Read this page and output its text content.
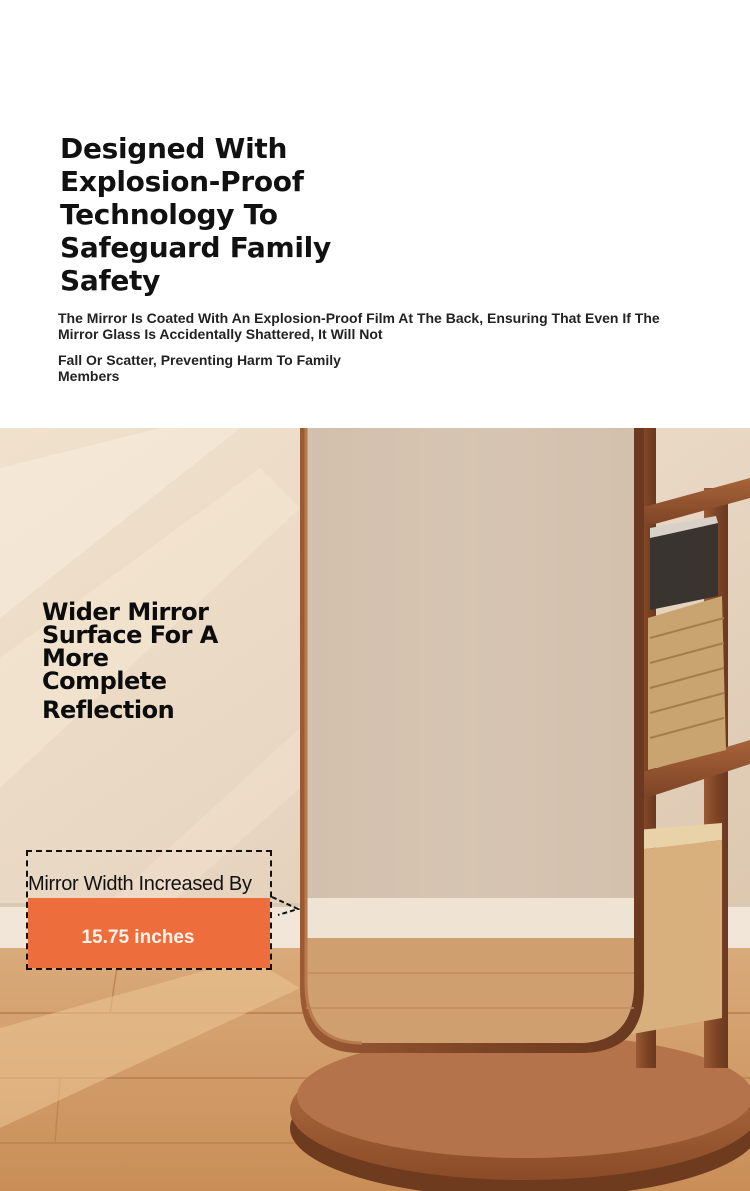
Designed With
Explosion-Proof
Technology To
Safeguard Family Safety

The Mirror Is Coated With An Explosion-Proof Film At The Back, Ensuring That Even If The Mirror Glass Is Accidentally Shattered, It Will Not

Fall Or Scatter, Preventing Harm To Family Members

Wider Mirror
Surface For A
More
Complete
Reflection

Mirror Width Increased By

15.75 inches
